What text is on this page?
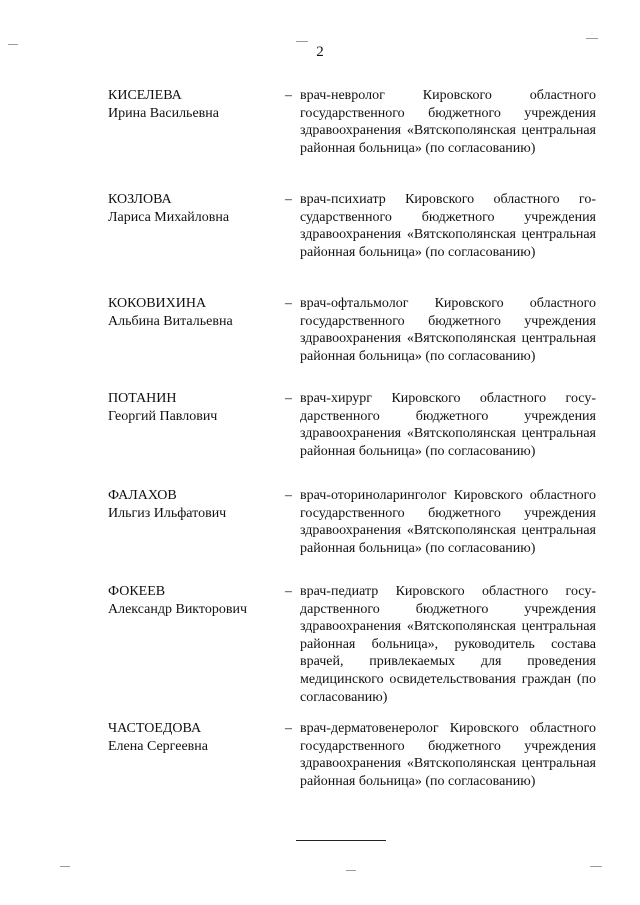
2
КИСЕЛЕВА
Ирина Васильевна
– врач-невролог Кировского областного государственного бюджетного учреждения здравоохранения «Вятскополянская центральная районная больница» (по согласованию)
КОЗЛОВА
Лариса Михайловна
– врач-психиатр Кировского областного государственного бюджетного учреждения здравоохранения «Вятскополянская центральная районная больница» (по согласованию)
КОКОВИХИНА
Альбина Витальевна
– врач-офтальмолог Кировского областного государственного бюджетного учреждения здравоохранения «Вятскополянская центральная районная больница» (по согласованию)
ПОТАНИН
Георгий Павлович
– врач-хирург Кировского областного государственного бюджетного учреждения здравоохранения «Вятскополянская центральная районная больница» (по согласованию)
ФАЛАХОВ
Ильгиз Ильфатович
– врач-оториноларинголог Кировского областного государственного бюджетного учреждения здравоохранения «Вятскополянская центральная районная больница» (по согласованию)
ФОКЕЕВ
Александр Викторович
– врач-педиатр Кировского областного государственного бюджетного учреждения здравоохранения «Вятскополянская центральная районная больница», руководитель состава врачей, привлекаемых для проведения медицинского освидетельствования граждан (по согласованию)
ЧАСТОЕДОВА
Елена Сергеевна
– врач-дерматовенеролог Кировского областного государственного бюджетного учреждения здравоохранения «Вятскополянская центральная районная больница» (по согласованию)
